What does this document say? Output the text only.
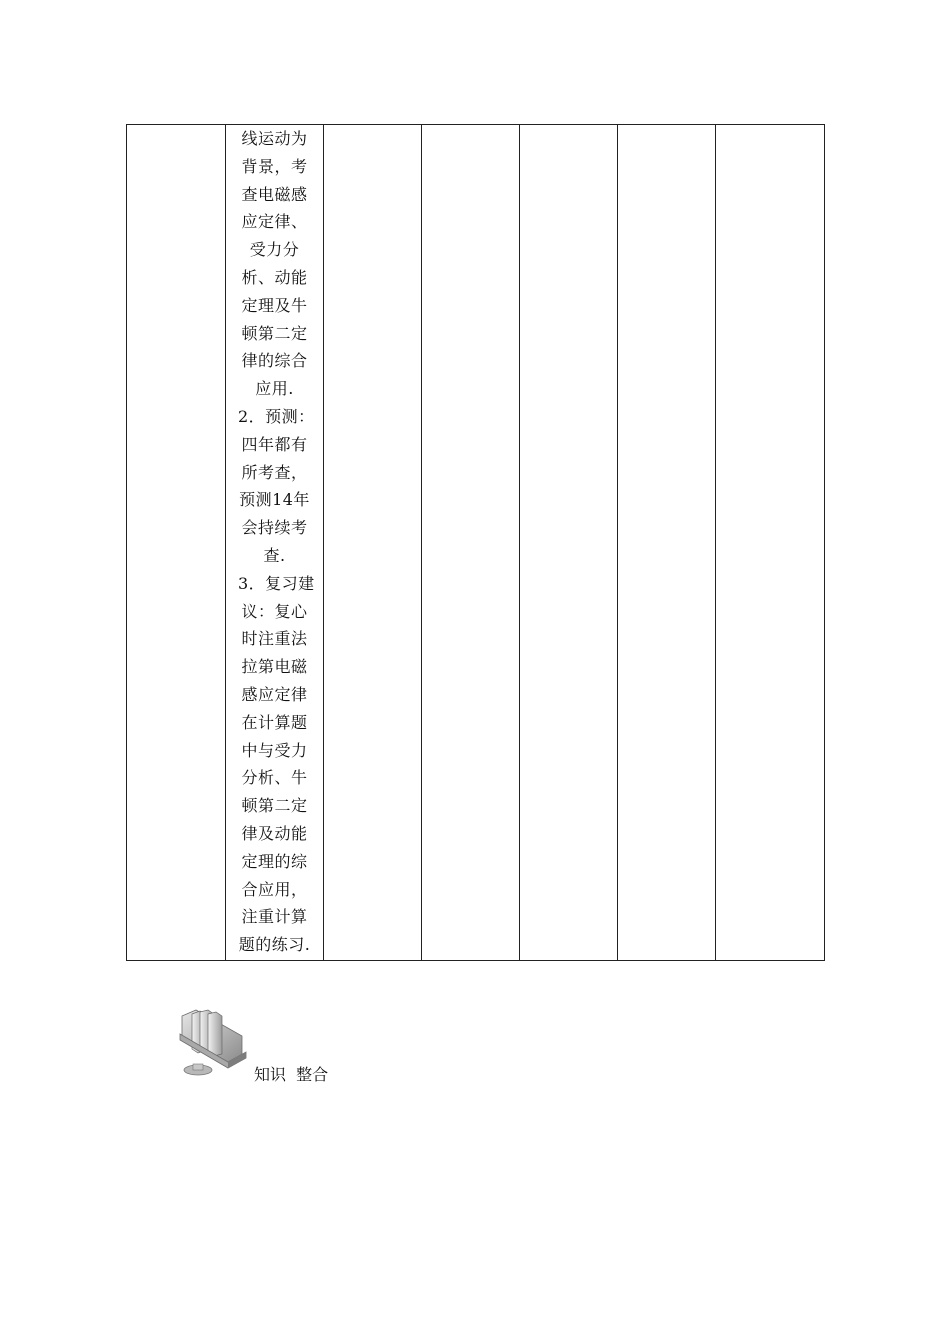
线运动为
背景，考
查电磁感
应定律、
受力分
析、动能
定理及牛
顿第二定
律的综合
应用.
2．预测：
四年都有
所考查，
预测14年
会持续考
查.
3．复习建
议：复心
时注重法
拉第电磁
感应定律
在计算题
中与受力
分析、牛
顿第二定
律及动能
定理的综
合应用，
注重计算
题的练习.

知识  整合
